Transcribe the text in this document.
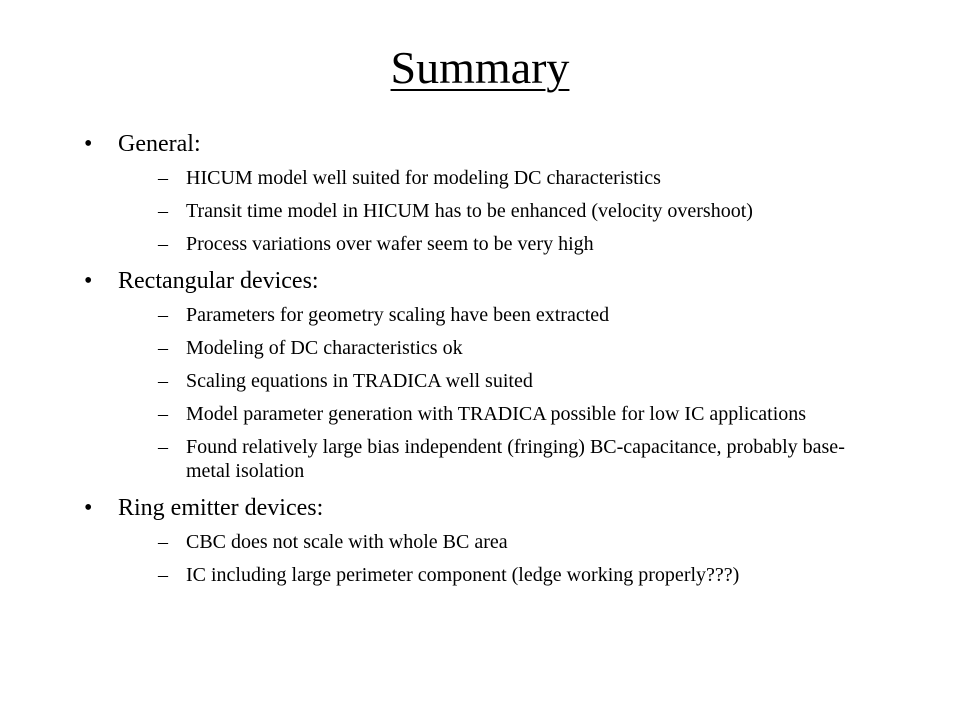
Summary
•	General:
– HICUM model well suited for modeling DC characteristics
– Transit time model in HICUM has to be enhanced (velocity overshoot)
– Process variations over wafer seem to be very high
•	Rectangular devices:
– Parameters for geometry scaling have been extracted
– Modeling of DC characteristics ok
– Scaling equations in TRADICA well suited
– Model parameter generation with TRADICA possible for low IC applications
– Found relatively large bias independent (fringing) BC-capacitance, probably base-metal isolation
•	Ring emitter devices:
– CBC does not scale with whole BC area
– IC including large perimeter component (ledge working properly???)
